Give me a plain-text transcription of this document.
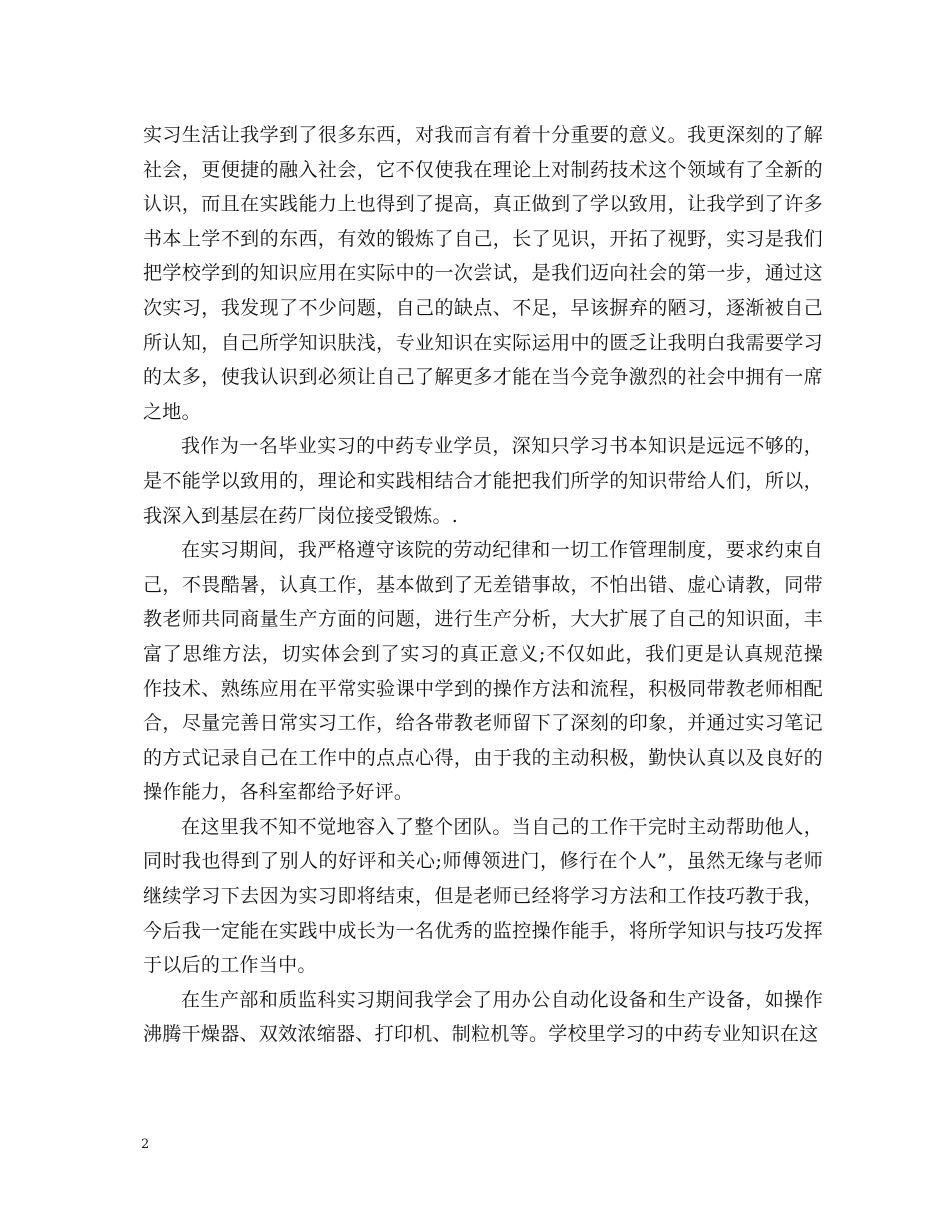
实习生活让我学到了很多东西，对我而言有着十分重要的意义。我更深刻的了解社会，更便捷的融入社会，它不仅使我在理论上对制药技术这个领域有了全新的认识，而且在实践能力上也得到了提高，真正做到了学以致用，让我学到了许多书本上学不到的东西，有效的锻炼了自己，长了见识，开拓了视野，实习是我们把学校学到的知识应用在实际中的一次尝试，是我们迈向社会的第一步，通过这次实习，我发现了不少问题，自己的缺点、不足，早该摒弃的陋习，逐渐被自己所认知，自己所学知识肤浅，专业知识在实际运用中的匮乏让我明白我需要学习的太多，使我认识到必须让自己了解更多才能在当今竞争激烈的社会中拥有一席之地。

我作为一名毕业实习的中药专业学员，深知只学习书本知识是远远不够的，是不能学以致用的，理论和实践相结合才能把我们所学的知识带给人们，所以，我深入到基层在药厂岗位接受锻炼。.

在实习期间，我严格遵守该院的劳动纪律和一切工作管理制度，要求约束自己，不畏酷暑，认真工作，基本做到了无差错事故，不怕出错、虚心请教，同带教老师共同商量生产方面的问题，进行生产分析，大大扩展了自己的知识面，丰富了思维方法，切实体会到了实习的真正意义;不仅如此，我们更是认真规范操作技术、熟练应用在平常实验课中学到的操作方法和流程，积极同带教老师相配合，尽量完善日常实习工作，给各带教老师留下了深刻的印象，并通过实习笔记的方式记录自己在工作中的点点心得，由于我的主动积极，勤快认真以及良好的操作能力，各科室都给予好评。

在这里我不知不觉地容入了整个团队。当自己的工作干完时主动帮助他人，同时我也得到了别人的好评和关心;师傅领进门，修行在个人”，虽然无缘与老师继续学习下去因为实习即将结束，但是老师已经将学习方法和工作技巧教于我，今后我一定能在实践中成长为一名优秀的监控操作能手，将所学知识与技巧发挥于以后的工作当中。

在生产部和质监科实习期间我学会了用办公自动化设备和生产设备，如操作沸腾干燥器、双效浓缩器、打印机、制粒机等。学校里学习的中药专业知识在这

2
